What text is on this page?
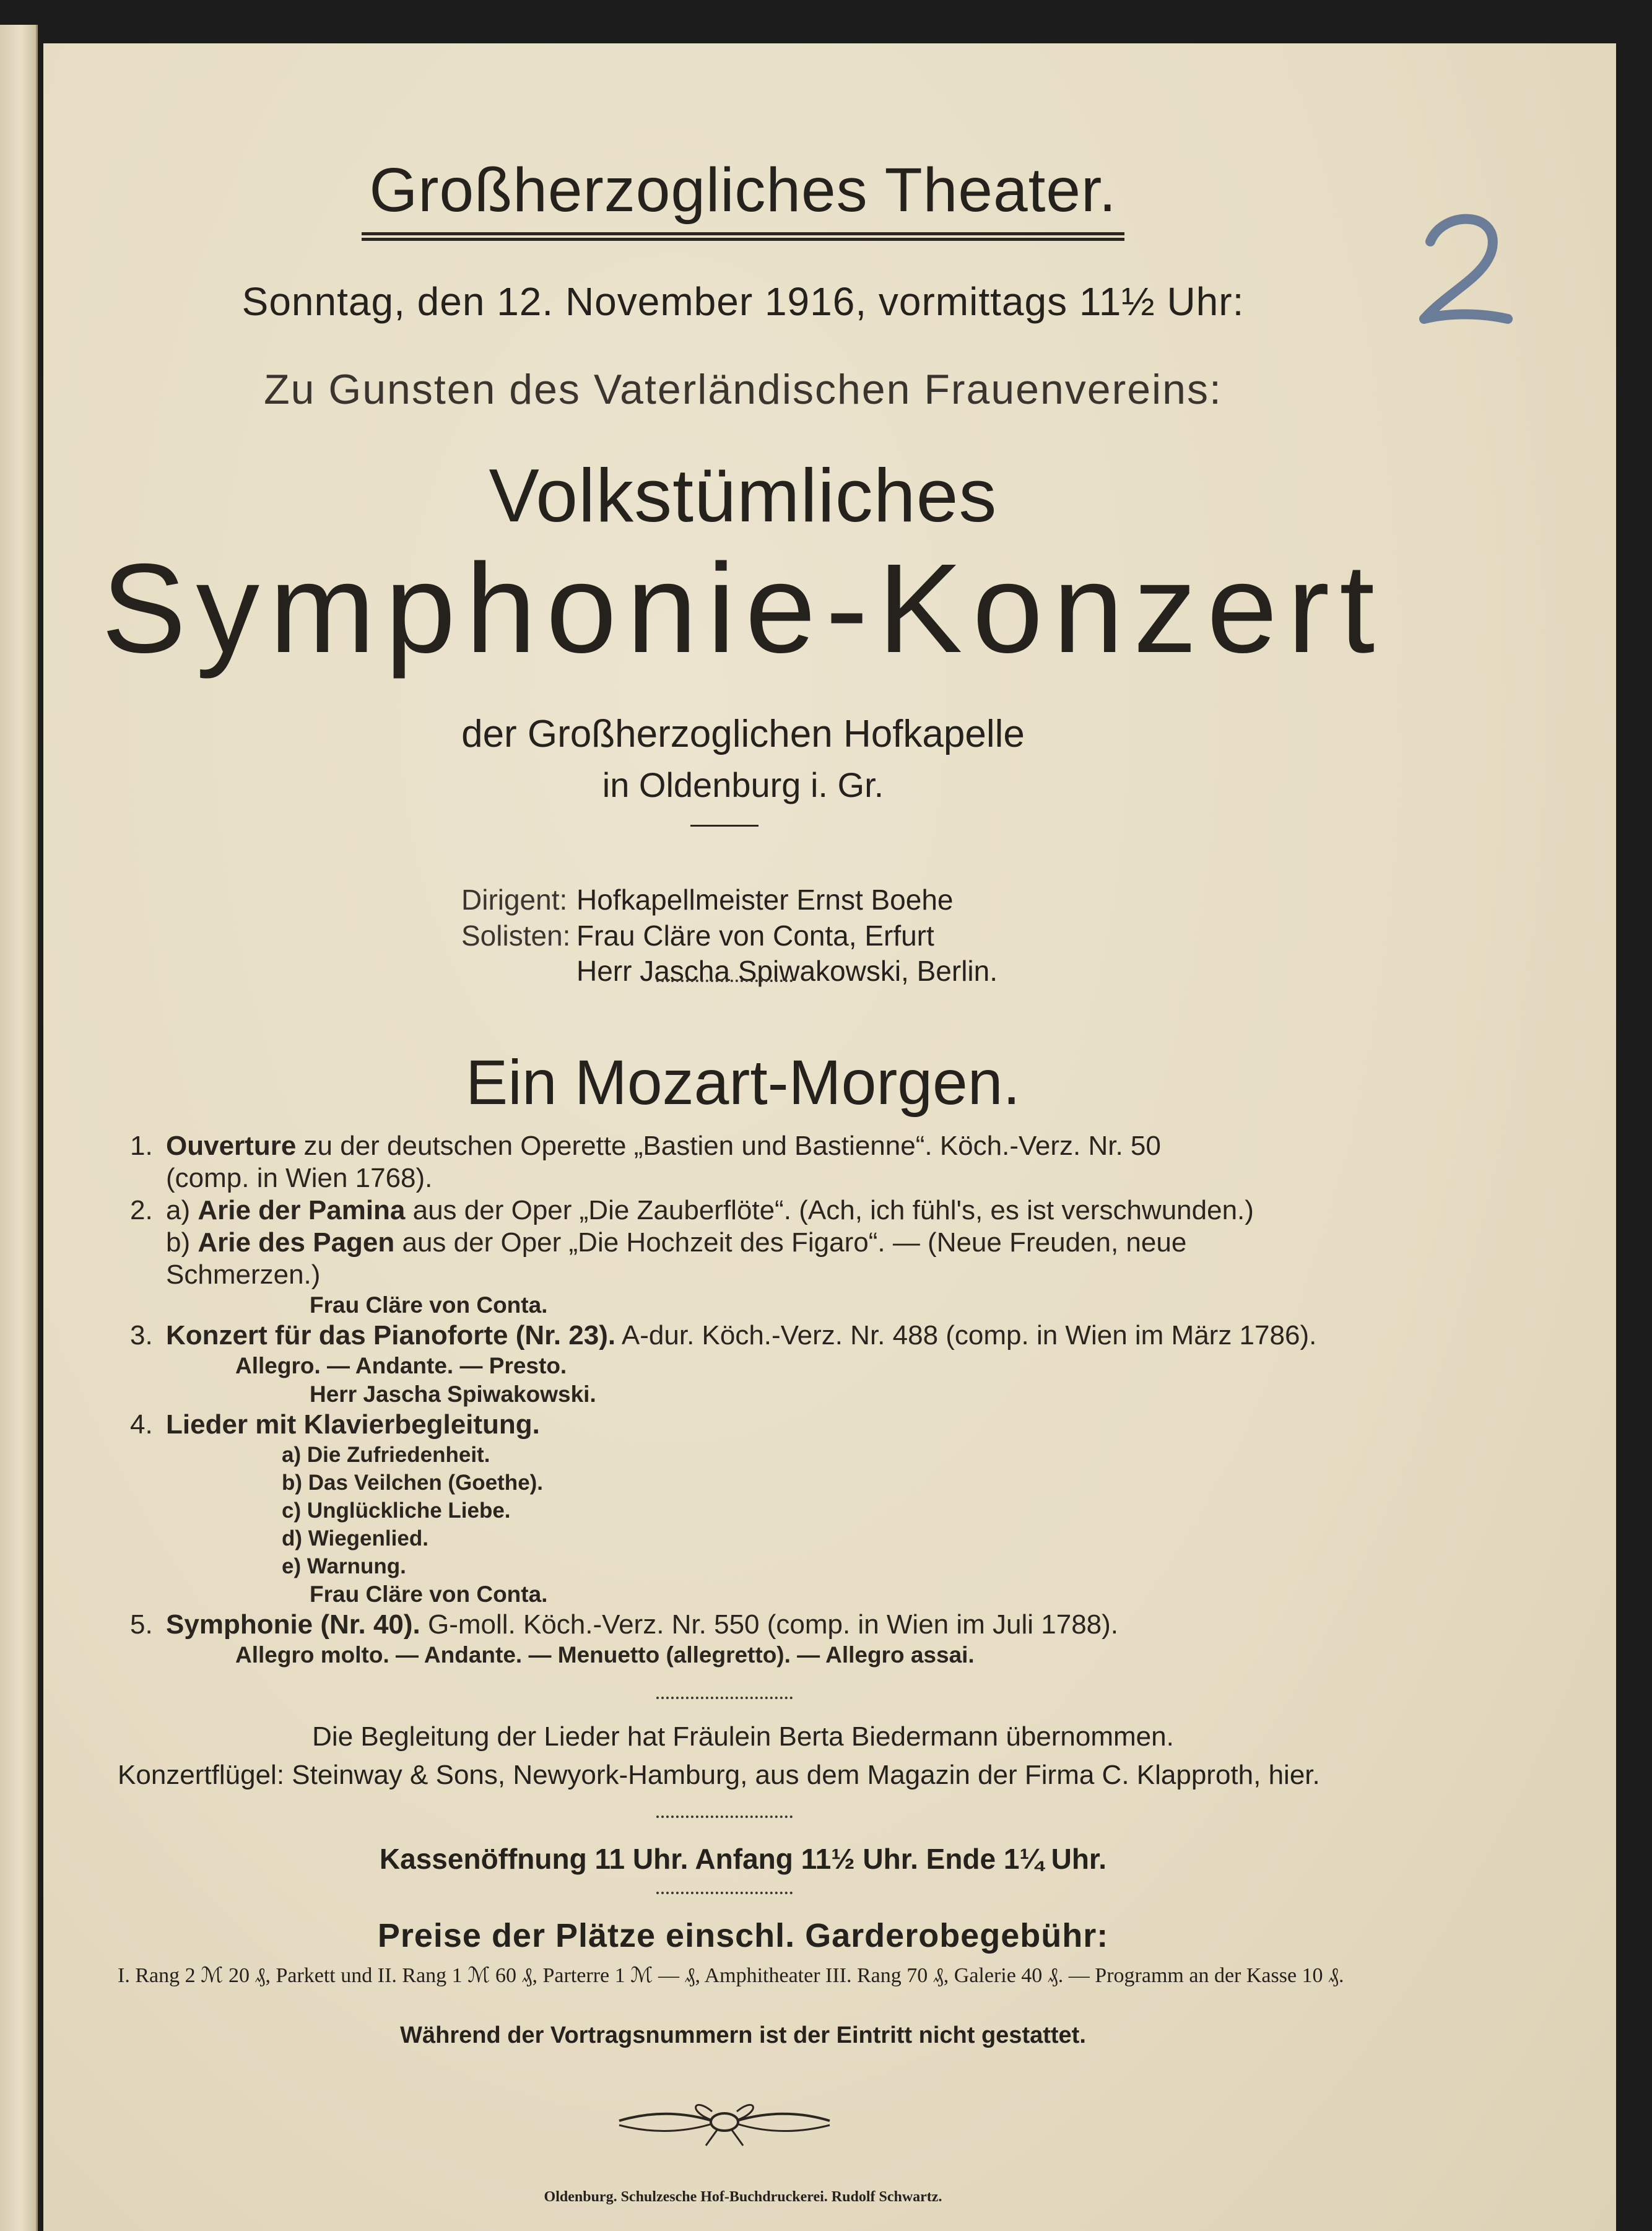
Großherzogliches Theater.
Sonntag, den 12. November 1916, vormittags 11½ Uhr:
Zu Gunsten des Vaterländischen Frauenvereins:
Volkstümliches
Symphonie-Konzert
der Großherzoglichen Hofkapelle
in Oldenburg i. Gr.
Dirigent: Hofkapellmeister Ernst Boehe
Solisten: Frau Cläre von Conta, Erfurt
Herr Jascha Spiwakowski, Berlin.
Ein Mozart-Morgen.
1. Ouverture zu der deutschen Operette „Bastien und Bastienne“. Köch.-Verz. Nr. 50
(comp. in Wien 1768).
2. a) Arie der Pamina aus der Oper „Die Zauberflöte“. (Ach, ich fühl's, es ist verschwunden.)
b) Arie des Pagen aus der Oper „Die Hochzeit des Figaro“. — (Neue Freuden, neue
Schmerzen.)
Frau Cläre von Conta.
3. Konzert für das Pianoforte (Nr. 23). A-dur. Köch.-Verz. Nr. 488 (comp. in Wien im März 1786).
Allegro. — Andante. — Presto.
Herr Jascha Spiwakowski.
4. Lieder mit Klavierbegleitung.
a) Die Zufriedenheit.
b) Das Veilchen (Goethe).
c) Unglückliche Liebe.
d) Wiegenlied.
e) Warnung.
Frau Cläre von Conta.
5. Symphonie (Nr. 40). G-moll. Köch.-Verz. Nr. 550 (comp. in Wien im Juli 1788).
Allegro molto. — Andante. — Menuetto (allegretto). — Allegro assai.
Die Begleitung der Lieder hat Fräulein Berta Biedermann übernommen.
Konzertflügel: Steinway & Sons, Newyork-Hamburg, aus dem Magazin der Firma C. Klapproth, hier.
Kassenöffnung 11 Uhr. Anfang 11½ Uhr. Ende 1¼ Uhr.
Preise der Plätze einschl. Garderobegebühr:
I. Rang 2 ℳ 20 ₰, Parkett und II. Rang 1 ℳ 60 ₰, Parterre 1 ℳ — ₰, Amphitheater III. Rang 70 ₰, Galerie 40 ₰. — Programm an der Kasse 10 ₰.
Während der Vortragsnummern ist der Eintritt nicht gestattet.
Oldenburg. Schulzesche Hof-Buchdruckerei. Rudolf Schwartz.
